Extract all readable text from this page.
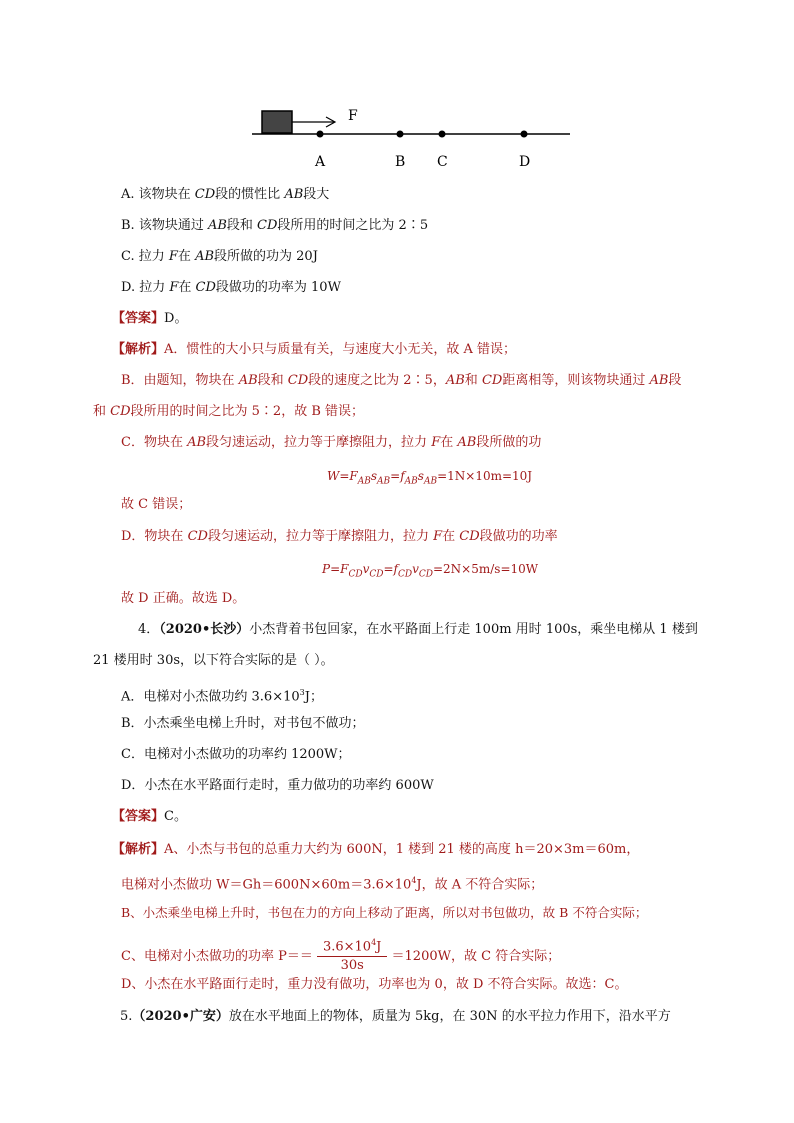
F
A	B C	D
A. 该物块在 CD段的惯性比 AB段大
B. 该物块通过 AB段和 CD段所用的时间之比为 2∶5
C. 拉力 F在 AB段所做的功为 20J
D. 拉力 F在 CD段做功的功率为 10W
【答案】D。
【解析】A．惯性的大小只与质量有关，与速度大小无关，故 A 错误；
B．由题知，物块在 AB段和 CD段的速度之比为 2∶5，AB和 CD距离相等，则该物块通过 AB段
和 CD段所用的时间之比为 5∶2，故 B 错误；
C．物块在 AB段匀速运动，拉力等于摩擦阻力，拉力 F在 AB段所做的功
$W=F_{AB}s_{AB}=f_{AB}s_{AB}=1N\times 10m=10J$
故 C 错误；
D．物块在 CD段匀速运动，拉力等于摩擦阻力，拉力 F在 CD段做功的功率
$P=F_{CD}v_{CD}=f_{CD}v_{CD}=2N\times 5m/s=10W$
故 D 正确。故选 D。
4．（2020•长沙）小杰背着书包回家，在水平路面上行走 100m 用时 100s，乘坐电梯从 1 楼到
21 楼用时 30s，以下符合实际的是（ ）。
A．电梯对小杰做功约 $3.6\times 10^3J$；
B．小杰乘坐电梯上升时，对书包不做功；
C．电梯对小杰做功的功率约 1200W；
D．小杰在水平路面行走时，重力做功的功率约 600W
【答案】C。
【解析】A、小杰与书包的总重力大约为 600N，1 楼到 21 楼的高度 h＝20×3m＝60m，
电梯对小杰做功 $W=Gh=600N\times 60m=3.6\times 10^4J$，故 A 不符合实际；
B、小杰乘坐电梯上升时，书包在力的方向上移动了距离，所以对书包做功，故 B 不符合实际；
C、电梯对小杰做功的功率 $P== \frac{3.6\times 10^4J}{30s} =1200W$，故 C 符合实际；
D、小杰在水平路面行走时，重力没有做功，功率也为 0，故 D 不符合实际。故选：C。
5.（2020•广安）放在水平地面上的物体，质量为 5kg，在 30N 的水平拉力作用下，沿水平方
